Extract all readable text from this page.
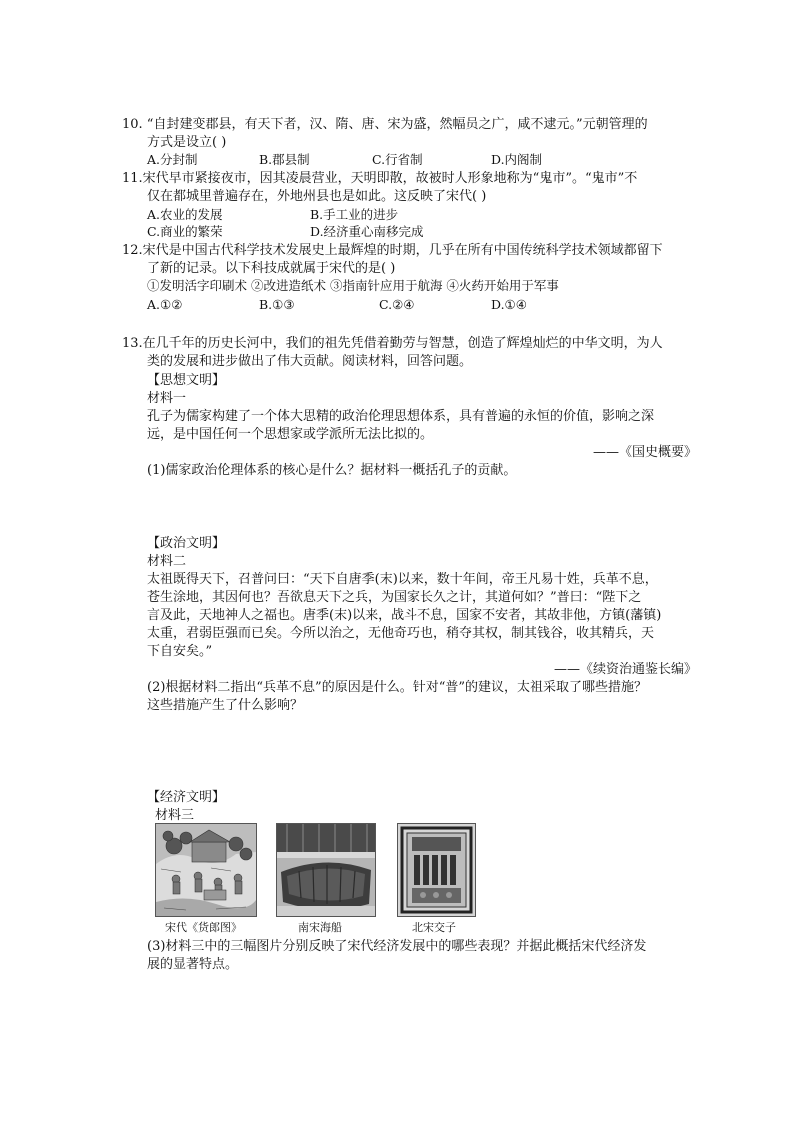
10. “自封建变郡县，有天下者，汉、隋、唐、宋为盛，然幅员之广，咸不逮元。”元朝管理的
方式是设立( )
A.分封制	B.郡县制	C.行省制	D.内阁制
11.宋代早市紧接夜市，因其凌晨营业，天明即散，故被时人形象地称为“鬼市”。“鬼市”不
仅在都城里普遍存在，外地州县也是如此。这反映了宋代( )
A.农业的发展	B.手工业的进步
C.商业的繁荣	D.经济重心南移完成
12.宋代是中国古代科学技术发展史上最辉煌的时期，几乎在所有中国传统科学技术领域都留下
了新的记录。以下科技成就属于宋代的是( )
①发明活字印刷术 ②改进造纸术 ③指南针应用于航海 ④火药开始用于军事
A.①②	B.①③	C.②④	D.①④
13.在几千年的历史长河中，我们的祖先凭借着勤劳与智慧，创造了辉煌灿烂的中华文明，为人
类的发展和进步做出了伟大贡献。阅读材料，回答问题。
【思想文明】
材料一
孔子为儒家构建了一个体大思精的政治伦理思想体系，具有普遍的永恒的价值，影响之深
远，是中国任何一个思想家或学派所无法比拟的。
——《国史概要》
(1)儒家政治伦理体系的核心是什么？据材料一概括孔子的贡献。
【政治文明】
材料二
太祖既得天下，召普问曰：“天下自唐季(末)以来，数十年间，帝王凡易十姓，兵革不息，
苍生涂地，其因何也？吾欲息天下之兵，为国家长久之计，其道何如？”普曰：“陛下之
言及此，天地神人之福也。唐季(末)以来，战斗不息，国家不安者，其故非他，方镇(藩镇)
太重，君弱臣强而已矣。今所以治之，无他奇巧也，稍夺其权，制其钱谷，收其精兵，天
下自安矣。”
——《续资治通鉴长编》
(2)根据材料二指出“兵革不息”的原因是什么。针对“普”的建议，太祖采取了哪些措施？
这些措施产生了什么影响？
【经济文明】
材料三
宋代《货郎图》	南宋海船	北宋交子
(3)材料三中的三幅图片分别反映了宋代经济发展中的哪些表现？并据此概括宋代经济发
展的显著特点。
